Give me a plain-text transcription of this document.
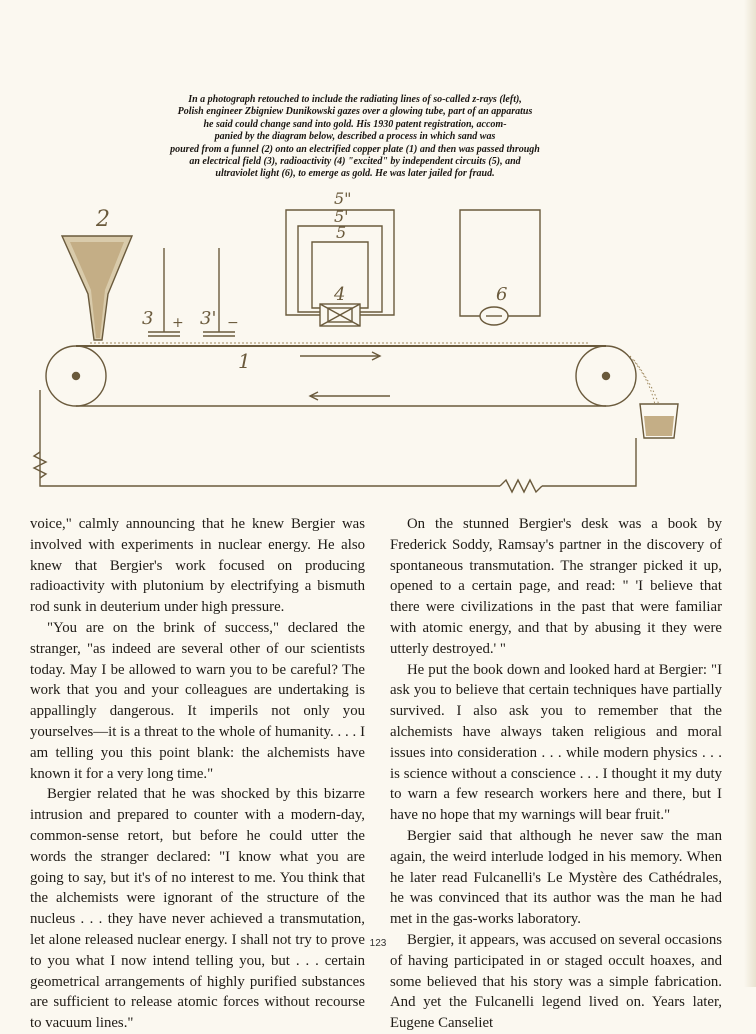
In a photograph retouched to include the radiating lines of so-called z-rays (left),
Polish engineer Zbigniew Dunikowski gazes over a glowing tube, part of an apparatus
he said could change sand into gold. His 1930 patent registration, accom-
panied by the diagram below, described a process in which sand was
poured from a funnel (2) onto an electrified copper plate (1) and then was passed through
an electrical field (3), radioactivity (4) "excited" by independent circuits (5), and
ultraviolet light (6), to emerge as gold. He was later jailed for fraud.
2
3 + 3' −
5"
5'
5
4	6
1

voice," calmly announcing that he knew Bergier was involved with experiments in nuclear energy. He also knew that Bergier's work focused on producing radioactivity with plutonium by electrifying a bismuth rod sunk in deuterium under high pressure.

"You are on the brink of success," declared the stranger, "as indeed are several other of our scientists today. May I be allowed to warn you to be careful? The work that you and your colleagues are undertaking is appallingly dangerous. It imperils not only you yourselves—it is a threat to the whole of humanity. . . . I am telling you this point blank: the alchemists have known it for a very long time."

Bergier related that he was shocked by this bizarre intrusion and prepared to counter with a modern-day, common-sense retort, but before he could utter the words the stranger declared: "I know what you are going to say, but it's of no interest to me. You think that the alchemists were ignorant of the structure of the nucleus . . . they have never achieved a transmutation, let alone released nuclear energy. I shall not try to prove to you what I now intend telling you, but . . . certain geometrical arrangements of highly purified substances are sufficient to release atomic forces without recourse to vacuum lines."

On the stunned Bergier's desk was a book by Frederick Soddy, Ramsay's partner in the discovery of spontaneous transmutation. The stranger picked it up, opened to a certain page, and read: " 'I believe that there were civilizations in the past that were familiar with atomic energy, and that by abusing it they were utterly destroyed.' "

He put the book down and looked hard at Bergier: "I ask you to believe that certain techniques have partially survived. I also ask you to remember that the alchemists have always taken religious and moral issues into consideration . . . while modern physics . . . is science without a conscience . . . I thought it my duty to warn a few research workers here and there, but I have no hope that my warnings will bear fruit."

Bergier said that although he never saw the man again, the weird interlude lodged in his memory. When he later read Fulcanelli's Le Mystère des Cathédrales, he was convinced that its author was the man he had met in the gas-works laboratory.

Bergier, it appears, was accused on several occasions of having participated in or staged occult hoaxes, and some believed that his story was a simple fabrication. And yet the Fulcanelli legend lived on. Years later, Eugene Canseliet

123
